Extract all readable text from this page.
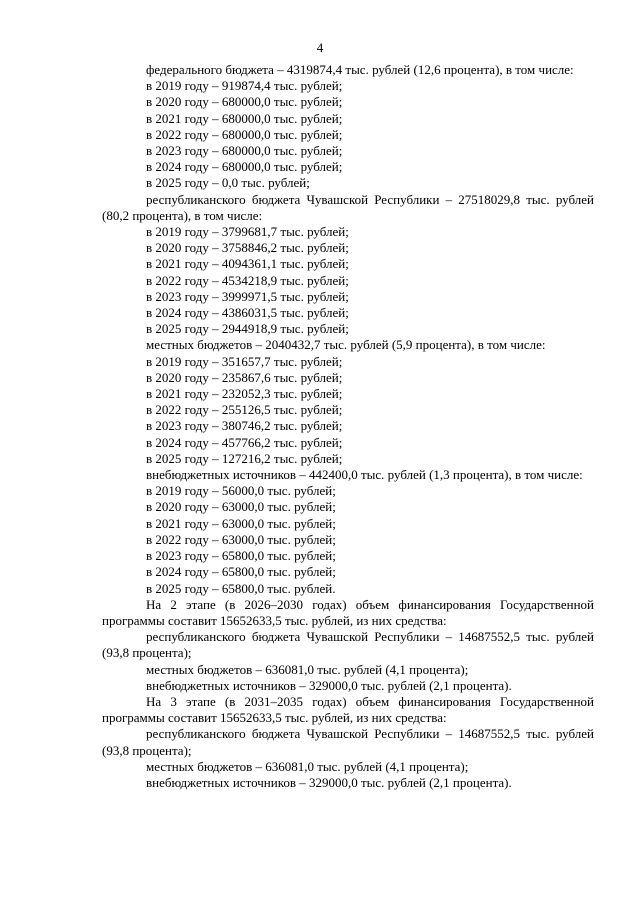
4
федерального бюджета – 4319874,4 тыс. рублей (12,6 процента), в том числе:
в 2019 году – 919874,4 тыс. рублей;
в 2020 году – 680000,0 тыс. рублей;
в 2021 году – 680000,0 тыс. рублей;
в 2022 году – 680000,0 тыс. рублей;
в 2023 году – 680000,0 тыс. рублей;
в 2024 году – 680000,0 тыс. рублей;
в 2025 году – 0,0 тыс. рублей;
республиканского бюджета Чувашской Республики – 27518029,8 тыс. рублей (80,2 процента), в том числе:
в 2019 году – 3799681,7 тыс. рублей;
в 2020 году – 3758846,2 тыс. рублей;
в 2021 году – 4094361,1 тыс. рублей;
в 2022 году – 4534218,9 тыс. рублей;
в 2023 году – 3999971,5 тыс. рублей;
в 2024 году – 4386031,5 тыс. рублей;
в 2025 году – 2944918,9 тыс. рублей;
местных бюджетов – 2040432,7 тыс. рублей (5,9 процента), в том числе:
в 2019 году – 351657,7 тыс. рублей;
в 2020 году – 235867,6 тыс. рублей;
в 2021 году – 232052,3 тыс. рублей;
в 2022 году – 255126,5 тыс. рублей;
в 2023 году – 380746,2 тыс. рублей;
в 2024 году – 457766,2 тыс. рублей;
в 2025 году – 127216,2 тыс. рублей;
внебюджетных источников – 442400,0 тыс. рублей (1,3 процента), в том числе:
в 2019 году – 56000,0 тыс. рублей;
в 2020 году – 63000,0 тыс. рублей;
в 2021 году – 63000,0 тыс. рублей;
в 2022 году – 63000,0 тыс. рублей;
в 2023 году – 65800,0 тыс. рублей;
в 2024 году – 65800,0 тыс. рублей;
в 2025 году – 65800,0 тыс. рублей.
На 2 этапе (в 2026–2030 годах) объем финансирования Государственной программы составит 15652633,5 тыс. рублей, из них средства:
республиканского бюджета Чувашской Республики – 14687552,5 тыс. рублей (93,8 процента);
местных бюджетов – 636081,0 тыс. рублей (4,1 процента);
внебюджетных источников – 329000,0 тыс. рублей (2,1 процента).
На 3 этапе (в 2031–2035 годах) объем финансирования Государственной программы составит 15652633,5 тыс. рублей, из них средства:
республиканского бюджета Чувашской Республики – 14687552,5 тыс. рублей (93,8 процента);
местных бюджетов – 636081,0 тыс. рублей (4,1 процента);
внебюджетных источников – 329000,0 тыс. рублей (2,1 процента).
